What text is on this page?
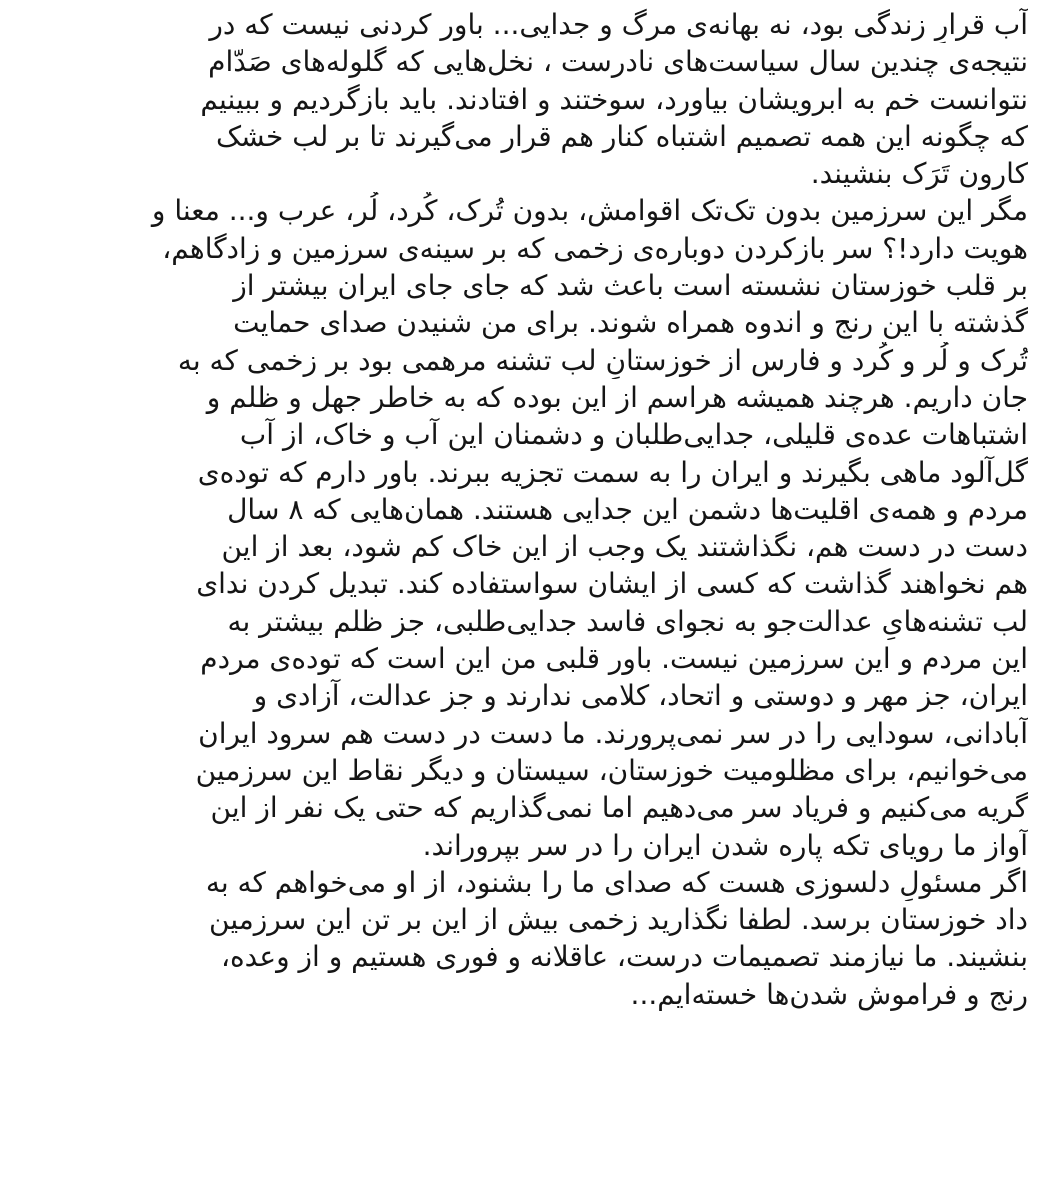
آب قرارِ زندگی بود، نه بهانه‌ی مرگ و جدایی... باور کردنی نیست که در
نتیجه‌ی چندین سال سیاست‌های نادرست ، نخل‌هایی که گلوله‌های صَدّام
نتوانست خم به ابرویشان بیاورد، سوختند و افتادند. باید بازگردیم و ببینیم
که چگونه این همه تصمیم اشتباه کنار هم قرار می‌گیرند تا بر لب خشک
کارون تَرَک بنشیند.
مگر این سرزمین بدون تک‌تک اقوامش، بدون تُرک، کُرد، لُر، عرب و... معنا و
هویت دارد!؟ سر بازکردن دوباره‌ی زخمی که بر سینه‌ی سرزمین و زادگاهم،
بر قلب خوزستان نشسته است باعث شد که جای جای ایران بیشتر از
گذشته با این رنج و اندوه همراه شوند. برای من شنیدن صدای حمایت
تُرک و لُر و کُرد و فارس از خوزستانِ لب تشنه مرهمی بود بر زخمی که به
جان داریم. هرچند همیشه هراسم از این بوده که به خاطر جهل و ظلم و
اشتباهات عده‌ی قلیلی، جدایی‌طلبان و دشمنان این آب و خاک، از آب
گل‌آلود ماهی بگیرند و ایران را به سمت تجزیه ببرند. باور دارم که توده‌ی
مردم و همه‌ی اقلیت‌ها دشمن این جدایی هستند. همان‌هایی که ۸ سال
دست در دست هم، نگذاشتند یک وجب از این خاک کم شود، بعد از این
هم نخواهند گذاشت که کسی از ایشان سواستفاده کند. تبدیل کردن ندای
لب تشنه‌هایِ عدالت‌جو به نجوای فاسد جدایی‌طلبی، جز ظلم بیشتر به
این مردم و این سرزمین نیست. باور قلبی من این است که توده‌ی مردم
ایران، جز مهر و دوستی و اتحاد، کلامی ندارند و جز عدالت، آزادی و
آبادانی، سودایی را در سر نمی‌پرورند. ما دست در دست هم سرود ایران
می‌خوانیم، برای مظلومیت خوزستان، سیستان و دیگر نقاط این سرزمین
گریه می‌کنیم و فریاد سر می‌دهیم اما نمی‌گذاریم که حتی یک نفر از این
آواز ما رویای تکه پاره شدن ایران را در سر بپروراند.
اگر مسئولِ دلسوزی هست که صدای ما را بشنود، از او می‌خواهم که به
داد خوزستان برسد. لطفا نگذارید زخمی بیش از این بر تن این سرزمین
بنشیند. ما نیازمند تصمیمات درست، عاقلانه و فوری هستیم و از وعده،
رنج و فراموش شدن‌ها خسته‌ایم...
